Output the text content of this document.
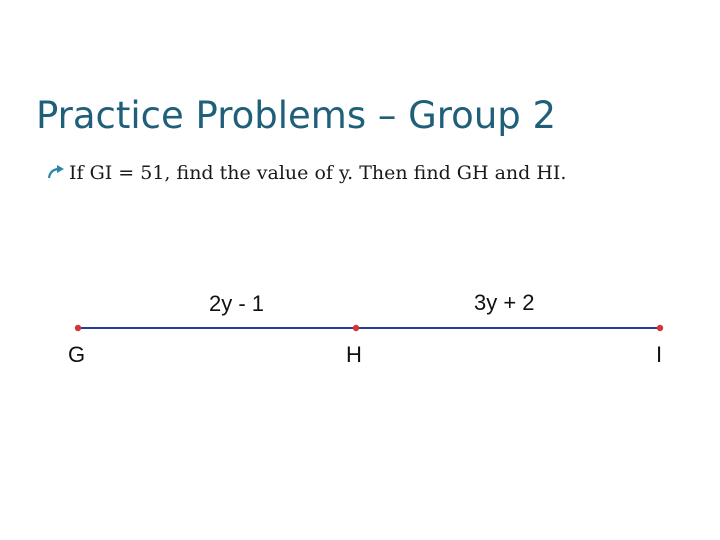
Practice Problems – Group 2
If GI = 51, find the value of y. Then find GH and HI.
G	H	I
2y - 1	3y + 2
